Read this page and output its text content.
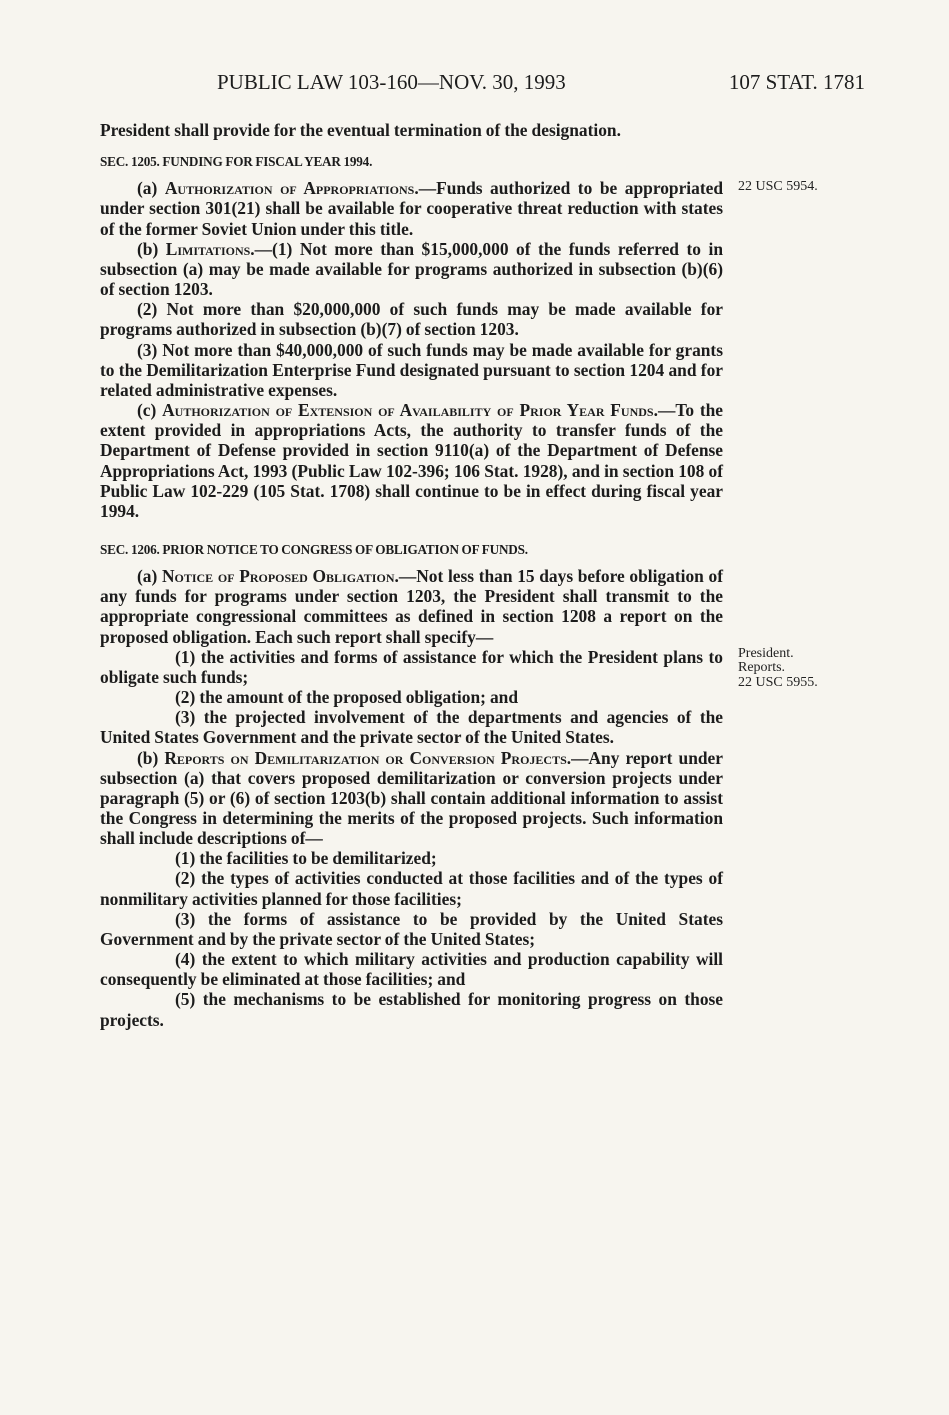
PUBLIC LAW 103-160—NOV. 30, 1993	107 STAT. 1781
22 USC 5954.
President.
Reports.
22 USC 5955.

President shall provide for the eventual termination of the designation.

SEC. 1205. FUNDING FOR FISCAL YEAR 1994.

(a) Authorization of Appropriations.—Funds authorized to be appropriated under section 301(21) shall be available for cooperative threat reduction with states of the former Soviet Union under this title.

(b) Limitations.—(1) Not more than $15,000,000 of the funds referred to in subsection (a) may be made available for programs authorized in subsection (b)(6) of section 1203.

(2) Not more than $20,000,000 of such funds may be made available for programs authorized in subsection (b)(7) of section 1203.

(3) Not more than $40,000,000 of such funds may be made available for grants to the Demilitarization Enterprise Fund designated pursuant to section 1204 and for related administrative expenses.

(c) Authorization of Extension of Availability of Prior Year Funds.—To the extent provided in appropriations Acts, the authority to transfer funds of the Department of Defense provided in section 9110(a) of the Department of Defense Appropriations Act, 1993 (Public Law 102-396; 106 Stat. 1928), and in section 108 of Public Law 102-229 (105 Stat. 1708) shall continue to be in effect during fiscal year 1994.

SEC. 1206. PRIOR NOTICE TO CONGRESS OF OBLIGATION OF FUNDS.

(a) Notice of Proposed Obligation.—Not less than 15 days before obligation of any funds for programs under section 1203, the President shall transmit to the appropriate congressional committees as defined in section 1208 a report on the proposed obligation. Each such report shall specify—

(1) the activities and forms of assistance for which the President plans to obligate such funds;

(2) the amount of the proposed obligation; and

(3) the projected involvement of the departments and agencies of the United States Government and the private sector of the United States.

(b) Reports on Demilitarization or Conversion Projects.—Any report under subsection (a) that covers proposed demilitarization or conversion projects under paragraph (5) or (6) of section 1203(b) shall contain additional information to assist the Congress in determining the merits of the proposed projects. Such information shall include descriptions of—

(1) the facilities to be demilitarized;

(2) the types of activities conducted at those facilities and of the types of nonmilitary activities planned for those facilities;

(3) the forms of assistance to be provided by the United States Government and by the private sector of the United States;

(4) the extent to which military activities and production capability will consequently be eliminated at those facilities; and

(5) the mechanisms to be established for monitoring progress on those projects.
